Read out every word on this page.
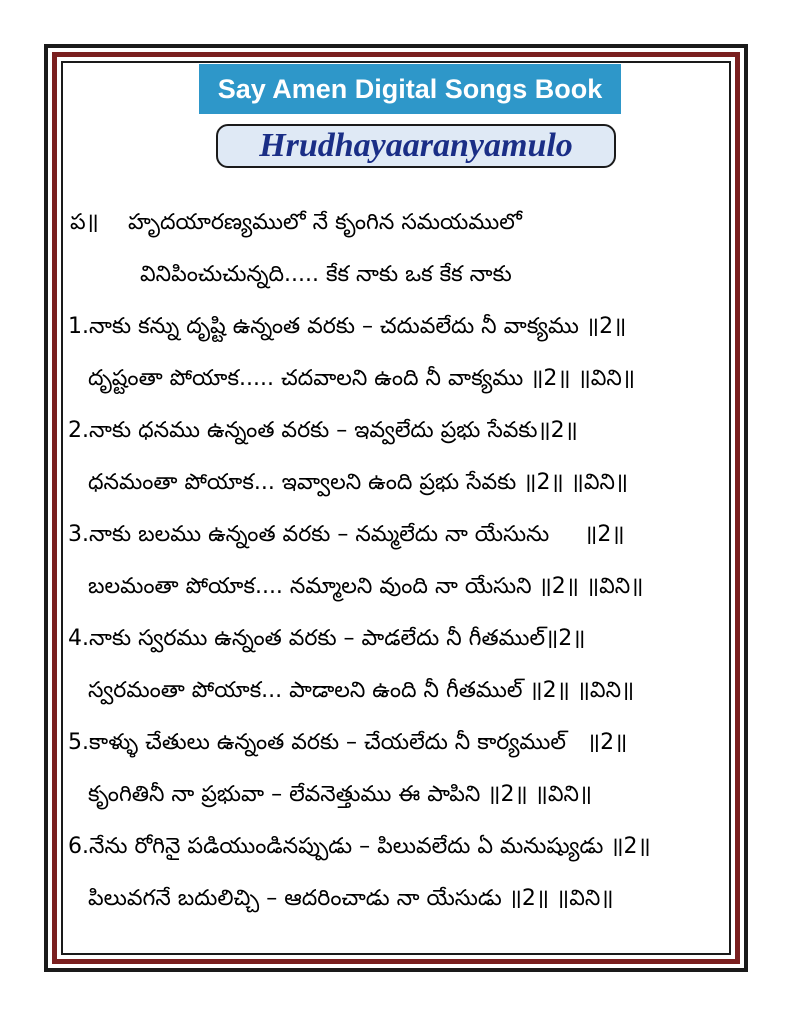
Say Amen Digital Songs Book
Hrudhayaaranyamulo
ప॥ హృదయారణ్యములో నే కృంగిన సమయములో
వినిపించుచున్నది..... కేక నాకు ఒక కేక నాకు
1.నాకు కన్ను దృష్టి ఉన్నంత వరకు – చదువలేదు నీ వాక్యము ॥2॥
దృష్టంతా పోయాక..... చదవాలని ఉంది నీ వాక్యము ॥2॥ ॥విని॥
2.నాకు ధనము ఉన్నంత వరకు – ఇవ్వలేదు ప్రభు సేవకు॥2॥
ధనమంతా పోయాక... ఇవ్వాలని ఉంది ప్రభు సేవకు ॥2॥ ॥విని॥
3.నాకు బలము ఉన్నంత వరకు – నమ్మలేదు నా యేసును     ॥2॥
బలమంతా పోయాక.... నమ్మాలని వుంది నా యేసుని ॥2॥ ॥విని॥
4.నాకు స్వరము ఉన్నంత వరకు – పాడలేదు నీ గీతముల్॥2॥
స్వరమంతా పోయాక... పాడాలని ఉంది నీ గీతముల్ ॥2॥ ॥విని॥
5.కాళ్ళు చేతులు ఉన్నంత వరకు – చేయలేదు నీ కార్యముల్   ॥2॥
కృంగితినీ నా ప్రభువా – లేవనెత్తుము ఈ పాపిని ॥2॥ ॥విని॥
6.నేను రోగినై పడియుండినప్పుడు – పిలువలేదు ఏ మనుష్యుడు ॥2॥
పిలువగనే బదులిచ్చి – ఆదరించాడు నా యేసుడు ॥2॥ ॥విని॥
